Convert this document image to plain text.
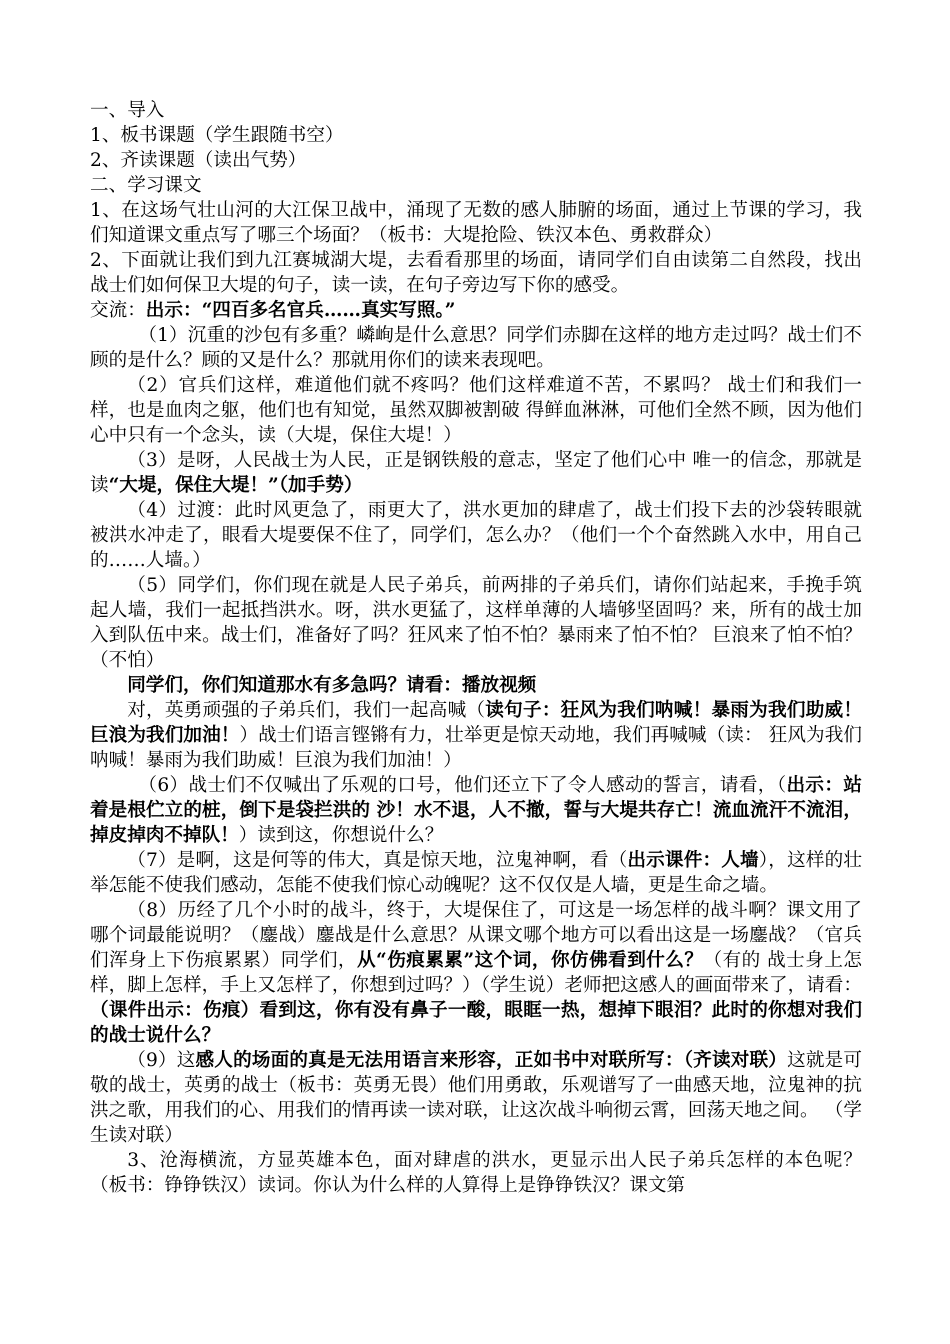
一、导入

1、板书课题（学生跟随书空）

2、齐读课题（读出气势）

二、学习课文

1、在这场气壮山河的大江保卫战中，涌现了无数的感人肺腑的场面，通过上节课的学习，我们知道课文重点写了哪三个场面？（板书：大堤抢险、铁汉本色、勇救群众）

2、下面就让我们到九江赛城湖大堤，去看看那里的场面，请同学们自由读第二自然段，找出战士们如何保卫大堤的句子，读一读，在句子旁边写下你的感受。

交流：出示：“四百多名官兵……真实写照。”

（1）沉重的沙包有多重？嶙峋是什么意思？同学们赤脚在这样的地方走过吗？战士们不顾的是什么？顾的又是什么？那就用你们的读来表现吧。

（2）官兵们这样，难道他们就不疼吗？他们这样难道不苦，不累吗？ 战士们和我们一样，也是血肉之躯，他们也有知觉，虽然双脚被割破 得鲜血淋淋，可他们全然不顾，因为他们心中只有一个念头，读（大堤，保住大堤！）

（3）是呀，人民战士为人民，正是钢铁般的意志，坚定了他们心中 唯一的信念，那就是读“大堤，保住大堤！”（加手势）

（4）过渡：此时风更急了，雨更大了，洪水更加的肆虐了，战士们投下去的沙袋转眼就被洪水冲走了，眼看大堤要保不住了，同学们，怎么办？（他们一个个奋然跳入水中，用自己的……人墙。）

（5）同学们，你们现在就是人民子弟兵，前两排的子弟兵们，请你们站起来，手挽手筑起人墙，我们一起抵挡洪水。呀，洪水更猛了，这样单薄的人墙够坚固吗？来，所有的战士加入到队伍中来。战士们，准备好了吗？狂风来了怕不怕？暴雨来了怕不怕？ 巨浪来了怕不怕？（不怕）

同学们，你们知道那水有多急吗？请看：播放视频

对，英勇顽强的子弟兵们，我们一起高喊（读句子：狂风为我们呐喊！暴雨为我们助威！巨浪为我们加油！）战士们语言铿锵有力，壮举更是惊天动地，我们再喊喊（读： 狂风为我们呐喊！暴雨为我们助威！巨浪为我们加油！）

（6）战士们不仅喊出了乐观的口号，他们还立下了令人感动的誓言，请看，（出示：站着是根伫立的桩，倒下是袋拦洪的 沙！水不退，人不撤，誓与大堤共存亡！流血流汗不流泪，掉皮掉肉不掉队！）读到这，你想说什么？

（7）是啊，这是何等的伟大，真是惊天地，泣鬼神啊，看（出示课件：人墙），这样的壮举怎能不使我们感动，怎能不使我们惊心动魄呢？这不仅仅是人墙，更是生命之墙。

（8）历经了几个小时的战斗，终于，大堤保住了，可这是一场怎样的战斗啊？课文用了哪个词最能说明？（鏖战）鏖战是什么意思？从课文哪个地方可以看出这是一场鏖战？（官兵们浑身上下伤痕累累）同学们，从“伤痕累累”这个词，你仿佛看到什么？（有的 战士身上怎样，脚上怎样，手上又怎样了，你想到过吗？）（学生说）老师把这感人的画面带来了，请看：（课件出示：伤痕）看到这，你有没有鼻子一酸，眼眶一热，想掉下眼泪？此时的你想对我们的战士说什么？

（9）这感人的场面的真是无法用语言来形容，正如书中对联所写：（齐读对联）这就是可敬的战士，英勇的战士（板书：英勇无畏）他们用勇敢，乐观谱写了一曲感天地，泣鬼神的抗洪之歌，用我们的心、用我们的情再读一读对联，让这次战斗响彻云霄，回荡天地之间。 （学生读对联）

3、沧海横流，方显英雄本色，面对肆虐的洪水，更显示出人民子弟兵怎样的本色呢？（板书：铮铮铁汉）读词。你认为什么样的人算得上是铮铮铁汉？课文第
